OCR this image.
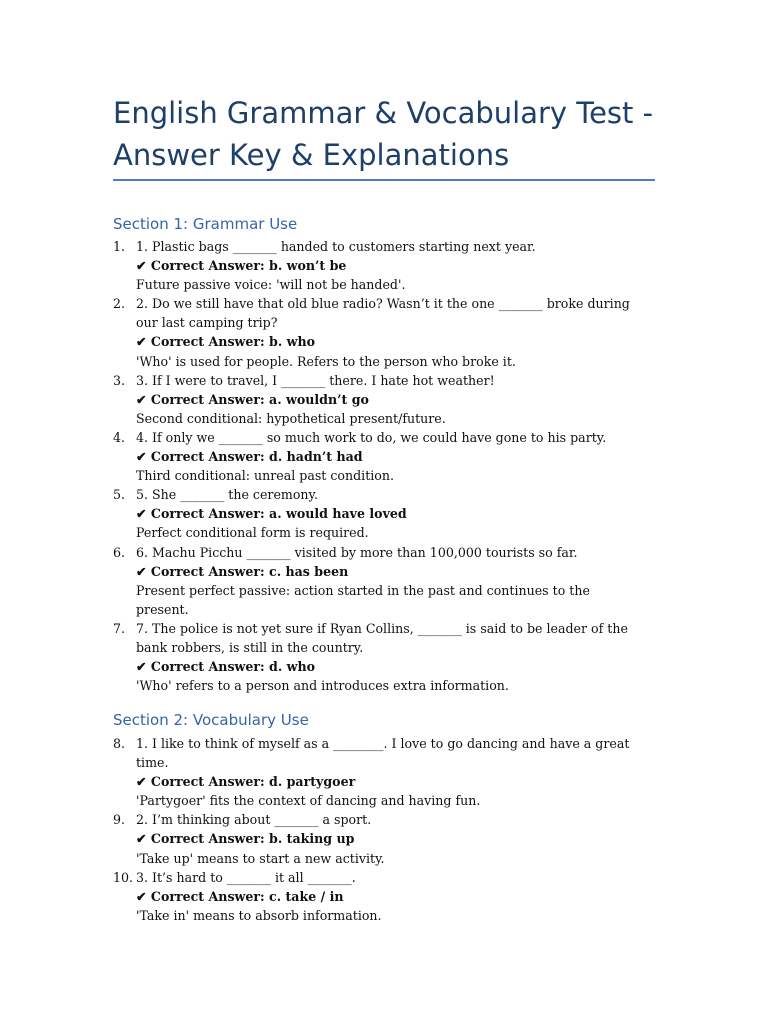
English Grammar & Vocabulary Test - Answer Key & Explanations
Section 1: Grammar Use
1. 1. Plastic bags _______ handed to customers starting next year.
✔ Correct Answer: b. won’t be
Future passive voice: 'will not be handed'.
2. 2. Do we still have that old blue radio? Wasn’t it the one _______ broke during our last camping trip?
✔ Correct Answer: b. who
'Who' is used for people. Refers to the person who broke it.
3. 3. If I were to travel, I _______ there. I hate hot weather!
✔ Correct Answer: a. wouldn’t go
Second conditional: hypothetical present/future.
4. 4. If only we _______ so much work to do, we could have gone to his party.
✔ Correct Answer: d. hadn’t had
Third conditional: unreal past condition.
5. 5. She _______ the ceremony.
✔ Correct Answer: a. would have loved
Perfect conditional form is required.
6. 6. Machu Picchu _______ visited by more than 100,000 tourists so far.
✔ Correct Answer: c. has been
Present perfect passive: action started in the past and continues to the present.
7. 7. The police is not yet sure if Ryan Collins, _______ is said to be leader of the bank robbers, is still in the country.
✔ Correct Answer: d. who
'Who' refers to a person and introduces extra information.
Section 2: Vocabulary Use
8. 1. I like to think of myself as a ________. I love to go dancing and have a great time.
✔ Correct Answer: d. partygoer
'Partygoer' fits the context of dancing and having fun.
9. 2. I’m thinking about _______ a sport.
✔ Correct Answer: b. taking up
'Take up' means to start a new activity.
10. 3. It’s hard to _______ it all _______.
✔ Correct Answer: c. take / in
'Take in' means to absorb information.
